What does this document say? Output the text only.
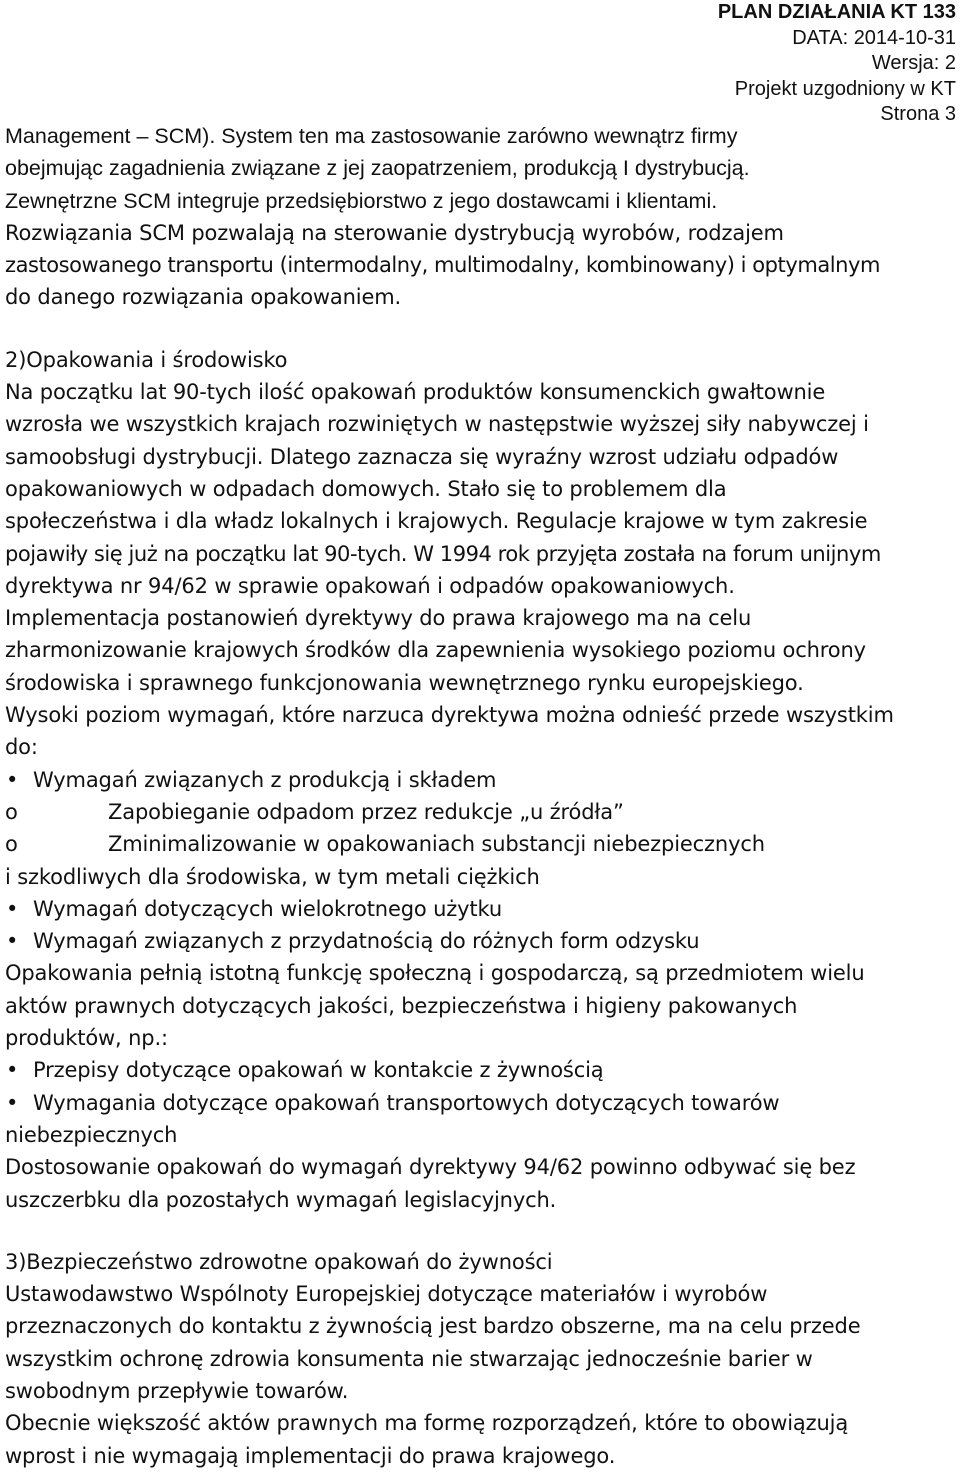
PLAN DZIAŁANIA KT 133
DATA: 2014-10-31
Wersja: 2
Projekt uzgodniony w KT
Strona 3
Management – SCM). System ten ma zastosowanie zarówno wewnątrz firmy
obejmując zagadnienia związane z jej zaopatrzeniem, produkcją I dystrybucją.
Zewnętrzne SCM integruje przedsiębiorstwo z jego dostawcami i klientami.
Rozwiązania SCM pozwalają na sterowanie dystrybucją wyrobów, rodzajem
zastosowanego transportu (intermodalny, multimodalny, kombinowany) i optymalnym
do danego rozwiązania opakowaniem.
2)Opakowania i środowisko
Na początku lat 90-tych ilość opakowań produktów konsumenckich gwałtownie
wzrosła we wszystkich krajach rozwiniętych w następstwie wyższej siły nabywczej i
samoobsługi dystrybucji. Dlatego zaznacza się wyraźny wzrost udziału odpadów
opakowaniowych w odpadach domowych. Stało się to problemem dla
społeczeństwa i dla władz lokalnych i krajowych. Regulacje krajowe w tym zakresie
pojawiły się już na początku lat 90-tych. W 1994 rok przyjęta została na forum unijnym
dyrektywa nr 94/62 w sprawie opakowań i odpadów opakowaniowych.
Implementacja postanowień dyrektywy do prawa krajowego ma na celu
zharmonizowanie krajowych środków dla zapewnienia wysokiego poziomu ochrony
środowiska i sprawnego funkcjonowania wewnętrznego rynku europejskiego.
Wysoki poziom wymagań, które narzuca dyrektywa można odnieść przede wszystkim
do:
• Wymagań związanych z produkcją i składem
o	Zapobieganie odpadom przez redukcje „u źródła”
o	Zminimalizowanie w opakowaniach substancji niebezpiecznych
i szkodliwych dla środowiska, w tym metali ciężkich
• Wymagań dotyczących wielokrotnego użytku
• Wymagań związanych z przydatnością do różnych form odzysku
Opakowania pełnią istotną funkcję społeczną i gospodarczą, są przedmiotem wielu
aktów prawnych dotyczących jakości, bezpieczeństwa i higieny pakowanych
produktów, np.:
• Przepisy dotyczące opakowań w kontakcie z żywnością
• Wymagania dotyczące opakowań transportowych dotyczących towarów
niebezpiecznych
Dostosowanie opakowań do wymagań dyrektywy 94/62 powinno odbywać się bez
uszczerbku dla pozostałych wymagań legislacyjnych.
3)Bezpieczeństwo zdrowotne opakowań do żywności
Ustawodawstwo Wspólnoty Europejskiej dotyczące materiałów i wyrobów
przeznaczonych do kontaktu z żywnością jest bardzo obszerne, ma na celu przede
wszystkim ochronę zdrowia konsumenta nie stwarzając jednocześnie barier w
swobodnym przepływie towarów.
Obecnie większość aktów prawnych ma formę rozporządzeń, które to obowiązują
wprost i nie wymagają implementacji do prawa krajowego.
